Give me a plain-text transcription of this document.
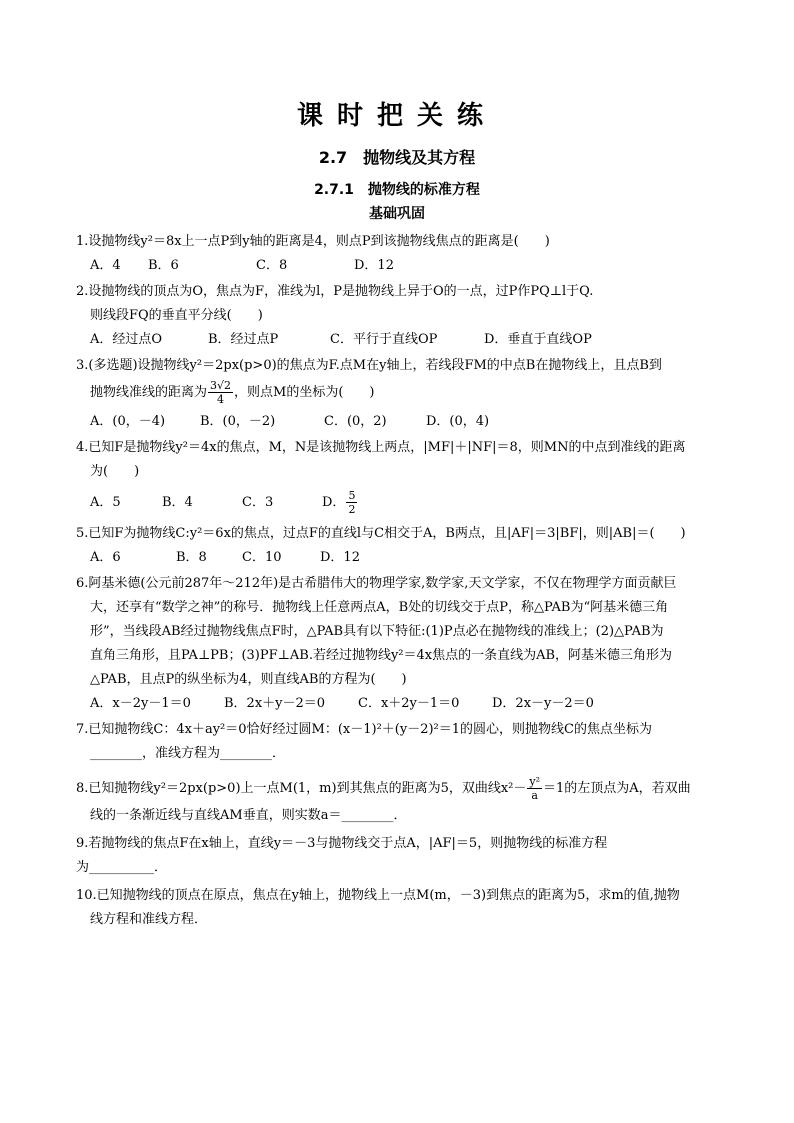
课时把关练
2.7　抛物线及其方程
2.7.1　抛物线的标准方程
基础巩固

1.设抛物线y²＝8x上一点P到y轴的距离是4，则点P到该抛物线焦点的距离是(　　)

A．4	B．6	C．8	D．12

2.设抛物线的顶点为O，焦点为F，准线为l，P是抛物线上异于O的一点，过P作PQ⊥l于Q.

则线段FQ的垂直平分线(　　)

A．经过点O	B．经过点P	C．平行于直线OP	D．垂直于直线OP

3.(多选题)设抛物线y²＝2px(p>0)的焦点为F.点M在y轴上，若线段FM的中点B在抛物线上，且点B到

抛物线准线的距离为 $\frac{3√2}{4}$ ，则点M的坐标为(　　)

A．(0，－4)	B．(0，－2)	C．(0，2)	D．(0，4)

4.已知F是抛物线y²＝4x的焦点，M，N是该抛物线上两点，|MF|＋|NF|＝8，则MN的中点到准线的距离

为(　　)

A．5	B．4	C．3	D． $\frac{5}{2}$

5.已知F为抛物线C:y²＝6x的焦点，过点F的直线l与C相交于A，B两点，且|AF|＝3|BF|，则|AB|＝(　　)

A．6	B．8	C．10	D．12

6.阿基米德(公元前287年～212年)是古希腊伟大的物理学家,数学家,天文学家，不仅在物理学方面贡献巨

大，还享有“数学之神”的称号．抛物线上任意两点A，B处的切线交于点P，称△PAB为“阿基米德三角

形”，当线段AB经过抛物线焦点F时，△PAB具有以下特征:(1)P点必在抛物线的准线上；(2)△PAB为

直角三角形，且PA⊥PB；(3)PF⊥AB.若经过抛物线y²＝4x焦点的一条直线为AB，阿基米德三角形为

△PAB，且点P的纵坐标为4，则直线AB的方程为(　　)

A．x－2y－1＝0	B．2x＋y－2＝0	C．x＋2y－1＝0	D．2x－y－2＝0

7.已知抛物线C：4x＋ay²＝0恰好经过圆M：(x－1)²＋(y－2)²＝1的圆心，则抛物线C的焦点坐标为

________，准线方程为________．

8.已知抛物线y²＝2px(p>0)上一点M(1，m)到其焦点的距离为5，双曲线$x^2- \frac{\text{y²}}{a} =1$的左顶点为A，若双曲

线的一条渐近线与直线AM垂直，则实数a＝________．

9.若抛物线的焦点F在x轴上，直线y＝－3与抛物线交于点A，|AF|＝5，则抛物线的标准方程

为__________．

10.已知抛物线的顶点在原点，焦点在y轴上，抛物线上一点M(m，－3)到焦点的距离为5，求m的值,抛物

线方程和准线方程．
